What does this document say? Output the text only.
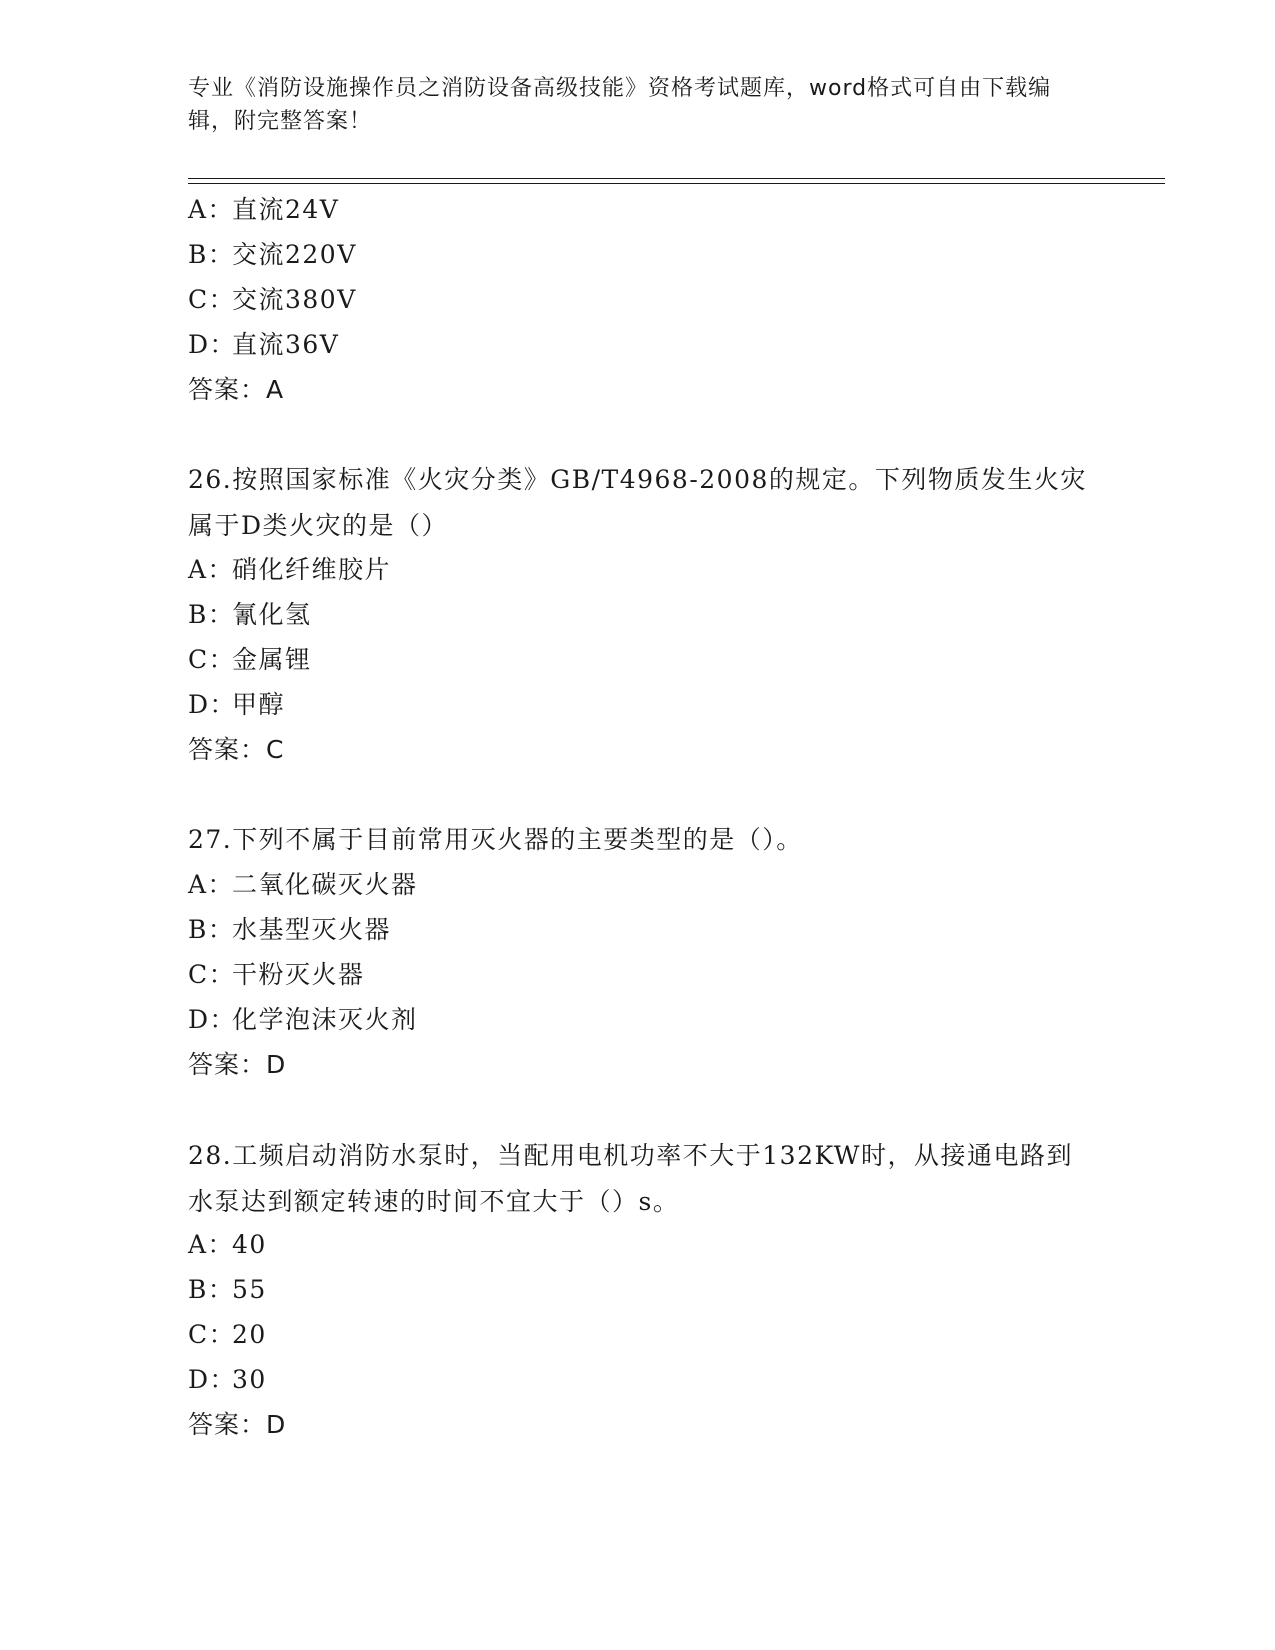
专业《消防设施操作员之消防设备高级技能》资格考试题库，word格式可自由下载编辑，附完整答案！
A：直流24V
B：交流220V
C：交流380V
D：直流36V
答案：A
26.按照国家标准《火灾分类》GB/T4968-2008的规定。下列物质发生火灾属于D类火灾的是（）
A：硝化纤维胶片
B：氰化氢
C：金属锂
D：甲醇
答案：C
27.下列不属于目前常用灭火器的主要类型的是（）。
A：二氧化碳灭火器
B：水基型灭火器
C：干粉灭火器
D：化学泡沫灭火剂
答案：D
28.工频启动消防水泵时，当配用电机功率不大于132KW时，从接通电路到水泵达到额定转速的时间不宜大于（）s。
A：40
B：55
C：20
D：30
答案：D
